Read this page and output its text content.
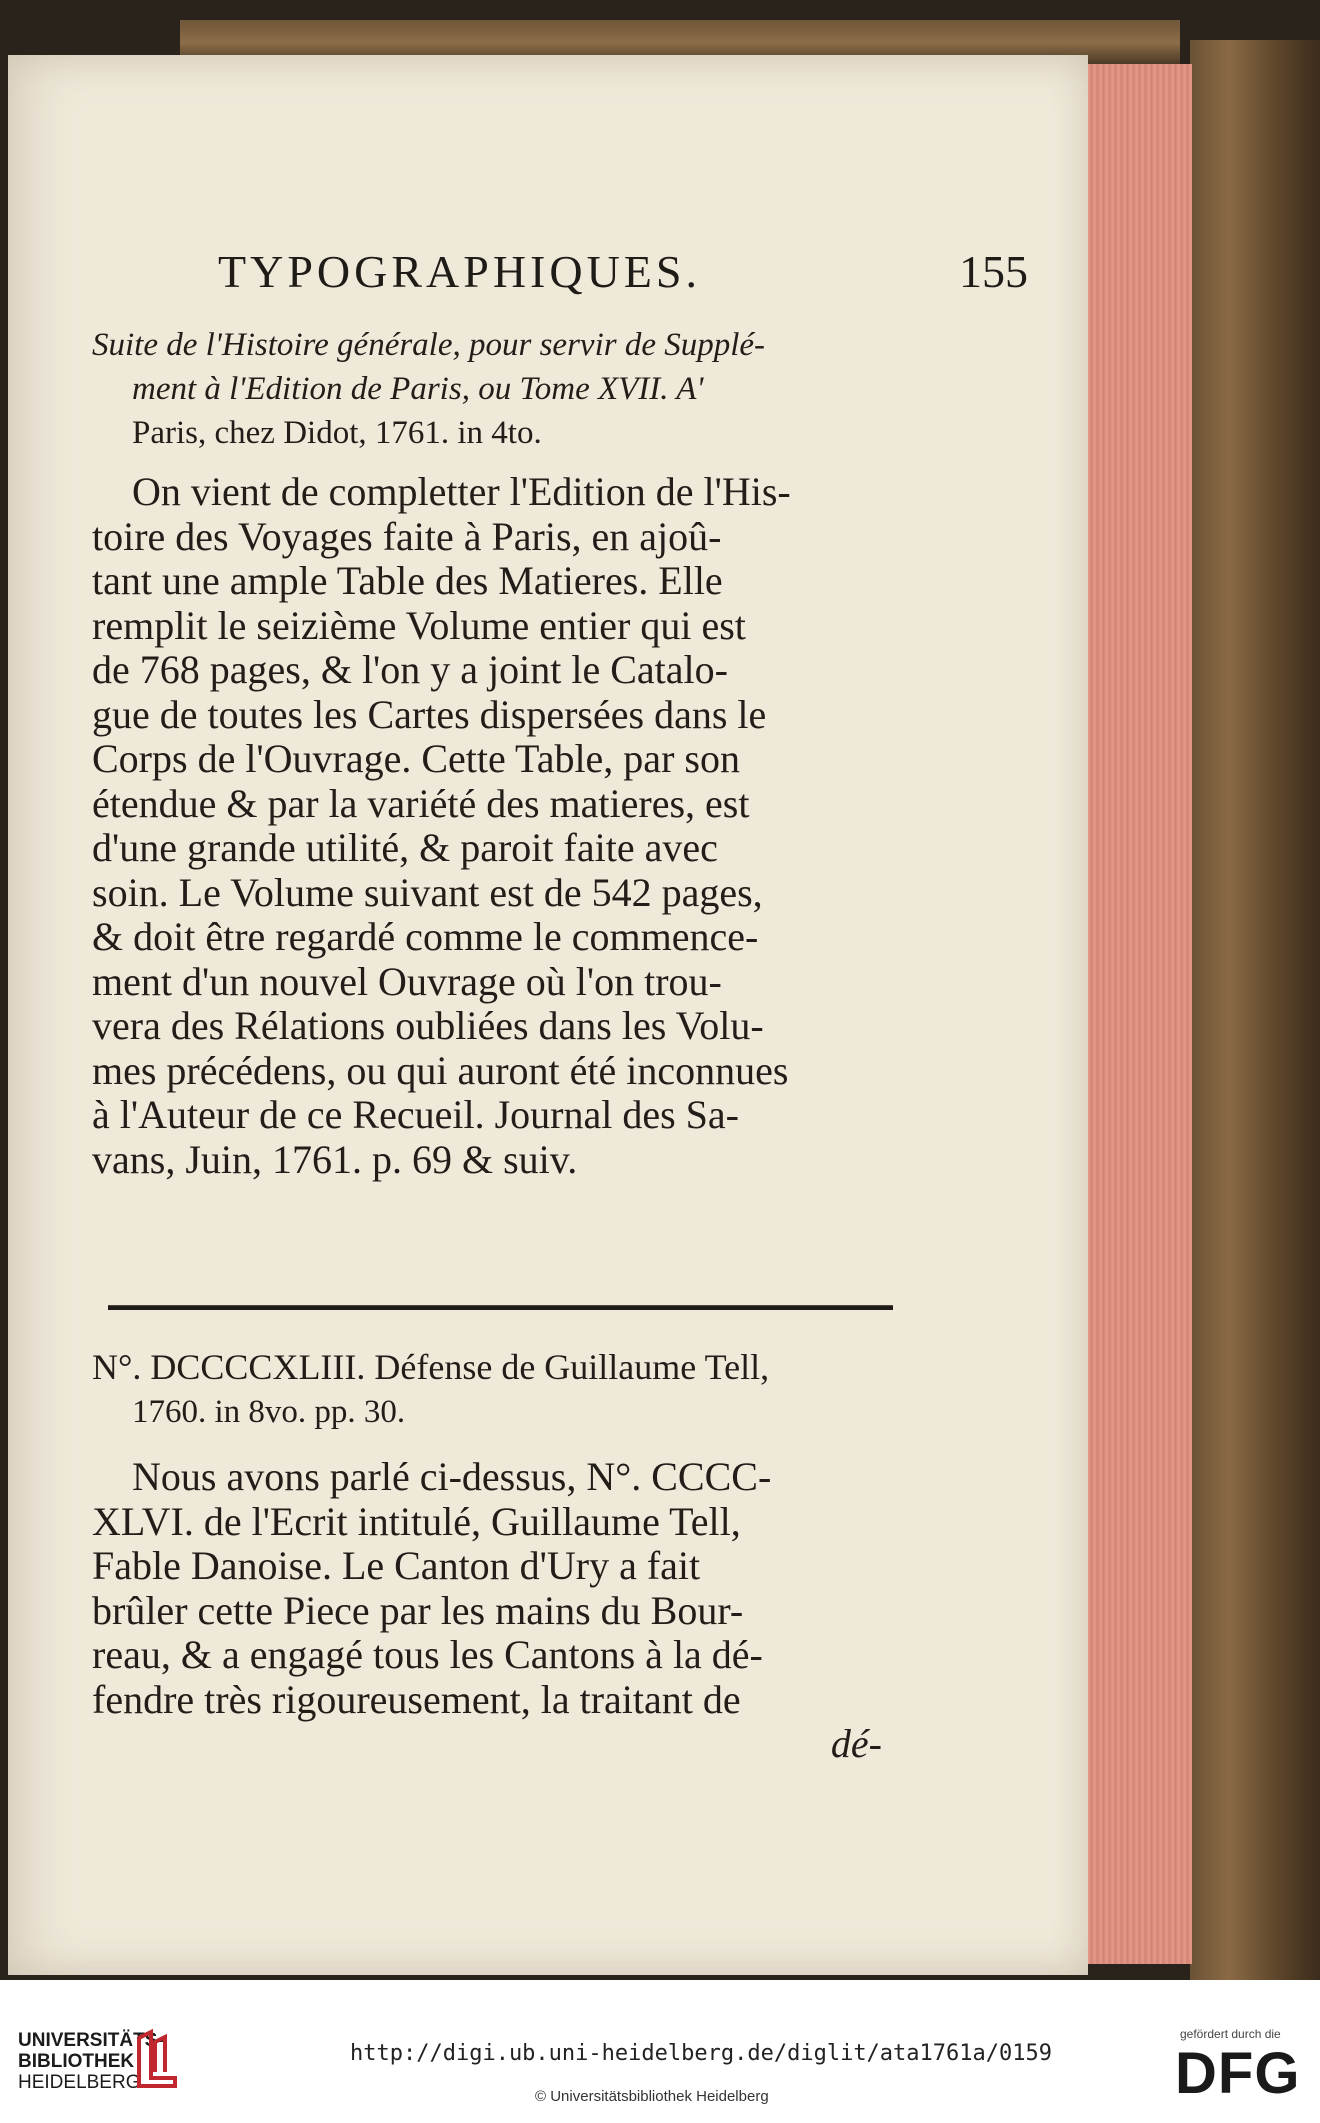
TYPOGRAPHIQUES.	155
Suite de l'Histoire générale, pour servir de Supplé-
ment à l'Edition de Paris, ou Tome XVII. A'
Paris, chez Didot, 1761. in 4to.
On vient de completter l'Edition de l'His-
toire des Voyages faite à Paris, en ajoû-
tant une ample Table des Matieres. Elle
remplit le seizième Volume entier qui est
de 768 pages, & l'on y a joint le Catalo-
gue de toutes les Cartes dispersées dans le
Corps de l'Ouvrage. Cette Table, par son
étendue & par la variété des matieres, est
d'une grande utilité, & paroit faite avec
soin. Le Volume suivant est de 542 pages,
& doit être regardé comme le commence-
ment d'un nouvel Ouvrage où l'on trou-
vera des Rélations oubliées dans les Volu-
mes précédens, ou qui auront été inconnues
à l'Auteur de ce Recueil. Journal des Sa-
vans, Juin, 1761. p. 69 & suiv.
N°. DCCCCXLIII. Défense de Guillaume Tell,
1760. in 8vo. pp. 30.
Nous avons parlé ci-dessus, N°. CCCC-
XLVI. de l'Ecrit intitulé, Guillaume Tell,
Fable Danoise. Le Canton d'Ury a fait
brûler cette Piece par les mains du Bour-
reau, & a engagé tous les Cantons à la dé-
fendre très rigoureusement, la traitant de
dé-
UNIVERSITÄTS-
BIBLIOTHEK
HEIDELBERG
http://digi.ub.uni-heidelberg.de/diglit/ata1761a/0159
© Universitätsbibliothek Heidelberg
gefördert durch die
DFG
